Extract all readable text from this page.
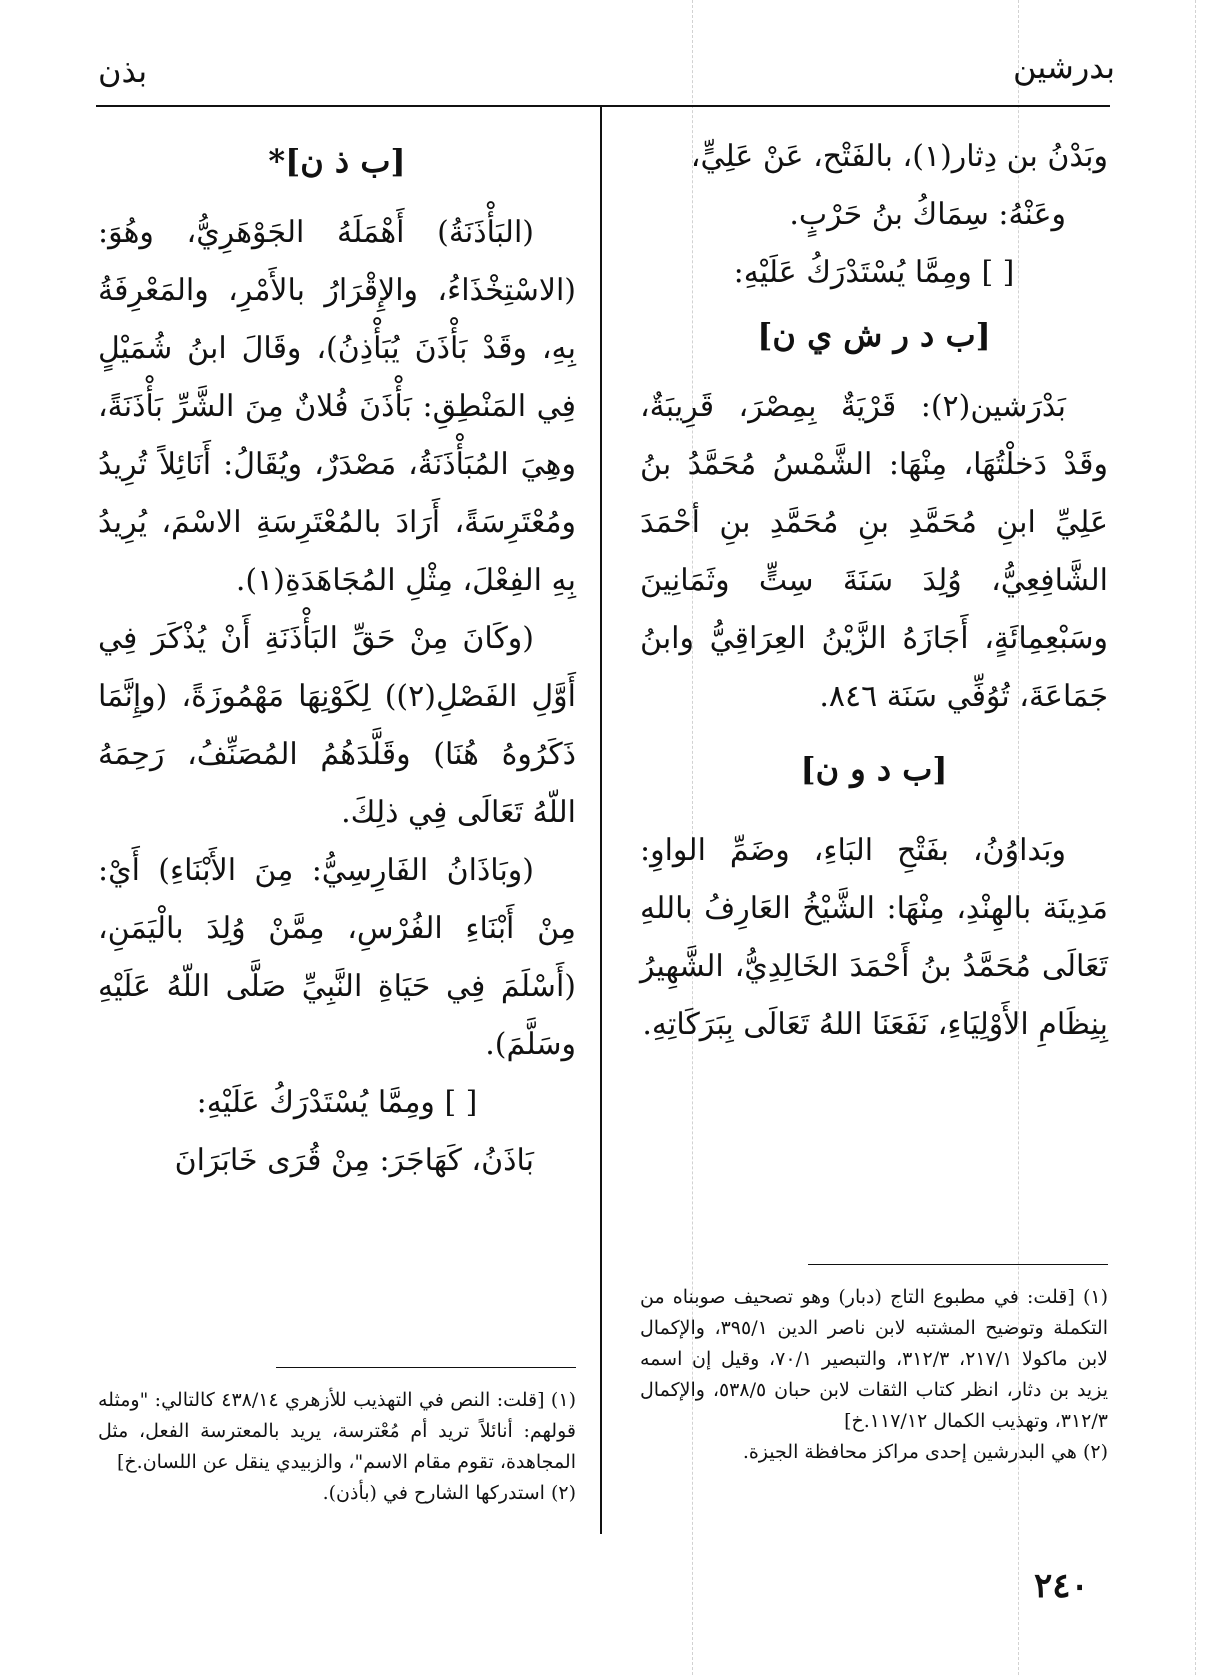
بذن	بدرشين

وبَدْنُ بن دِثار(١)، بالفَتْح، عَنْ عَلِيٍّ،

وعَنْهُ: سِمَاكُ بنُ حَرْبٍ.

[ ] ومِمَّا يُسْتَدْرَكُ عَلَيْهِ:

[ب د ر ش ي ن]

بَدْرَشين(٢): قَرْيَةٌ بِمِصْرَ، قَرِيبَةٌ، وقَدْ دَخلْتُهَا، مِنْهَا: الشَّمْسُ مُحَمَّدُ بنُ عَلِيِّ ابنِ مُحَمَّدِ بنِ مُحَمَّدِ بنِ أحْمَدَ الشَّافِعِيُّ، وُلِدَ سَنَةَ سِتٍّ وثَمَانِينَ وسَبْعِمِائَةٍ، أَجَازَهُ الزَّيْنُ العِرَاقِيُّ وابنُ جَمَاعَةَ، تُوُفِّي سَنَة ٨٤٦.

[ب د و ن]

وبَداوُنُ، بفَتْحِ البَاءِ، وضَمِّ الواوِ: مَدِينَة بالهِنْدِ، مِنْهَا: الشَّيْخُ العَارِفُ باللهِ تَعَالَى مُحَمَّدُ بنُ أَحْمَدَ الخَالِدِيُّ، الشَّهِيرُ بِنِظَامِ الأَوْلِيَاءِ، نَفَعَنَا اللهُ تَعَالَى بِبَرَكَاتِهِ.

[ب ذ ن]*

(البَأْذَنَةُ) أَهْمَلَهُ الجَوْهَرِيُّ، وهُوَ: (الاسْتِخْذَاءُ، والإِقْرَارُ بالأَمْرِ، والمَعْرِفَةُ بِهِ، وقَدْ بَأْذَنَ يُبَأْذِنُ)، وقَالَ ابنُ شُمَيْلٍ فِي المَنْطِقِ: بَأْذَنَ فُلانٌ مِنَ الشَّرِّ بَأْذَنَةً، وهِيَ المُبَأْذَنَةُ، مَصْدَرٌ، ويُقَالُ: أَنَائِلاً تُرِيدُ ومُعْتَرِسَةً، أَرَادَ بالمُعْتَرِسَةِ الاسْمَ، يُرِيدُ بِهِ الفِعْلَ، مِثْلِ المُجَاهَدَةِ(١).

(وكَانَ مِنْ حَقِّ البَأْذَنَةِ أَنْ يُذْكَرَ فِي أَوَّلِ الفَصْلِ(٢)) لِكَوْنِهَا مَهْمُوزَةً، (وإِنَّمَا ذَكَرُوهُ هُنَا) وقَلَّدَهُمُ المُصَنِّفُ، رَحِمَهُ اللّهُ تَعَالَى فِي ذلِكَ.

(وبَاذَانُ الفَارِسِيُّ: مِنَ الأَبْنَاءِ) أَيْ: مِنْ أَبْنَاءِ الفُرْسِ، مِمَّنْ وُلِدَ بالْيَمَنِ، (أَسْلَمَ فِي حَيَاةِ النَّبِيِّ صَلَّى اللّهُ عَلَيْهِ وسَلَّمَ).

[ ] ومِمَّا يُسْتَدْرَكُ عَلَيْهِ:

بَاذَنُ، كَهَاجَرَ: مِنْ قُرَى خَابَرَانَ

(١) [قلت: في مطبوع التاج (دبار) وهو تصحيف صوبناه من التكملة وتوضيح المشتبه لابن ناصر الدين ٣٩٥/١، والإكمال لابن ماكولا ٢١٧/١، ٣١٢/٣، والتبصير ٧٠/١، وقيل إن اسمه يزيد بن دثار، انظر كتاب الثقات لابن حبان ٥٣٨/٥، والإكمال ٣١٢/٣، وتهذيب الكمال ١١٧/١٢.خ]

(٢) هي البدرشين إحدى مراكز محافظة الجيزة.

(١) [قلت: النص في التهذيب للأزهري ٤٣٨/١٤ كالتالي: "ومثله قولهم: أنائلاً تريد أم مُعْترسة، يريد بالمعترسة الفعل، مثل المجاهدة، تقوم مقام الاسم"، والزبيدي ينقل عن اللسان.خ]

(٢) استدركها الشارح في (بأذن).

٢٤٠
